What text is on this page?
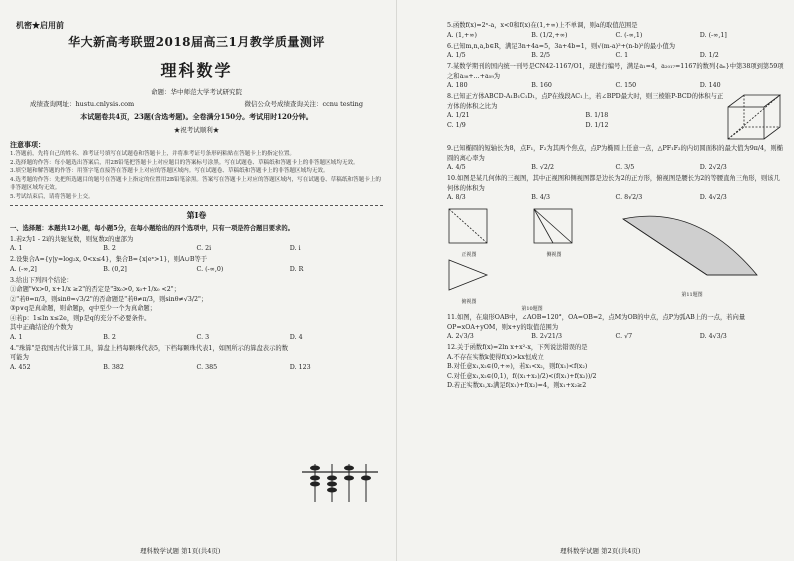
机密★启用前
华大新高考联盟2018届高三1月教学质量测评
理科数学
命题：华中师范大学考试研究院
成绩查询网址：hustu.cnlysis.com	微信公众号成绩查询关注：ccnu testing
本试题卷共4页，23题(含选考题)。全卷满分150分。考试用时120分钟。
★祝考试顺利★
注意事项：
1.答题前，先将自己的姓名、准考证号填写在试题卷和答题卡上，并将准考证号条形码粘贴在答题卡上的指定位置。
2.选择题的作答：每小题选出答案后，用2B铅笔把答题卡上对应题目的答案标号涂黑。写在试题卷、草稿纸和答题卡上的非答题区域均无效。
3.填空题和解答题的作答：用签字笔直接答在答题卡上对应的答题区域内。写在试题卷、草稿纸和答题卡上的非答题区域均无效。
4.选考题的作答：先把所选题目的题号在答题卡上指定的位置用2B铅笔涂黑。答案写在答题卡上对应的答题区域内，写在试题卷、草稿纸和答题卡上的非答题区域均无效。
5.考试结束后，请将答题卡上交。
第Ⅰ卷
一、选择题：本题共12小题，每小题5分，在每小题给出的四个选项中，只有一项是符合题目要求的。
1.若z为1 - 2i的共轭复数，则复数z的虚部为
A. 1	B. 2	C. 2i	D. i
2.设集合A={y|y=log₂x, 0<x≤4}，集合B={x|eˣ>1}，则A∪B等于
A. (-∞,2]	B. (0,2]	C. (-∞,0)	D. R
3.给出下列四个结论：
①命题"∀x>0, x+1/x ≥2"的否定是"∃x₀>0, x₀+1/x₀ <2"；
②"若θ=π/3，则sinθ=√3/2"的否命题是"若θ≠π/3，则sinθ≠√3/2"；
③p∨q是真命题，则命题p，q中至少一个为真命题；
④若p：1≤ln x≤2e，则p是q的充分不必要条件。
其中正确结论的个数为
A. 1	B. 2	C. 3	D. 4
4."珠算"是我国古代计算工具，算盘上档每颗珠代表5，下档每颗珠代表1，如图所示的算盘表示的数可能为
A. 452	B. 382	C. 385	D. 123
理科数学试题 第1页(共4页)
5.函数f(x)=2ˣ-a，x<0和f(x)在(1,+∞)上不单调，则a的取值范围是
A. (1,+∞)	B. (1/2,+∞)	C. (-∞,1)	D. (-∞,1]
6.已知m,n,a,b∈R，满足3n+4a=5，3a+4b=1，则√(m-a)²+(n-b)²的最小值为
A. 1/5	B. 2/5	C. 1	D. 1/2
7.某数学期刊的国内统一刊号是CN42-1167/O1，现进行编号，满足a₁=4，a₂₀₁₇=1167的数列{aₙ}中第38项到第59项之和a₃₈+...+a₅₉为
A. 180	B. 160	C. 150	D. 140
8.已知正方体ABCD-A₁B₁C₁D₁，点P在线段AC₁上，若∠BPD最大时，则三棱锥P-BCD的体积与正方体的体积之比为
A. 1/21	B. 1/18
C. 1/9	D. 1/12
9.已知椭圆的短轴长为8，点F₁，F₂为其两个焦点，点P为椭圆上任意一点，△PF₁F₂的内切圆面积的最大值为9π/4，则椭圆的离心率为
A. 4/5	B. √2/2	C. 3/5	D. 2√2/3
10.如图是某几何体的三视图，其中正视图和侧视图都是边长为2的正方形，俯视图是腰长为2的等腰直角三角形，则该几何体的体积为
A. 8/3	B. 4/3	C. 8√2/3	D. 4√2/3
正视图	侧视图
俯视图
第10题图
第11题图
11.如图，在扇形OAB中，∠AOB=120°，OA=OB=2，点M为OB的中点，点P为弧AB上的一点，若向量OP=xOA+yOM，则x+y的取值范围为
A. 2√3/3	B. 2√21/3	C. √7	D. 4√3/3
12.关于函数f(x)=2ln x+x²-x，下列说法错误的是
A.不存在实数k使得f(x)>kx恒成立
B.对任意x₁,x₂∈(0,+∞)，若x₁<x₂，则f(x₁)<f(x₂)
C.对任意x₁,x₂∈(0,1)，f((x₁+x₂)/2)<(f(x₁)+f(x₂))/2
D.若正实数x₁,x₂满足f(x₁)+f(x₂)=4，则x₁+x₂≥2
理科数学试题 第2页(共4页)
